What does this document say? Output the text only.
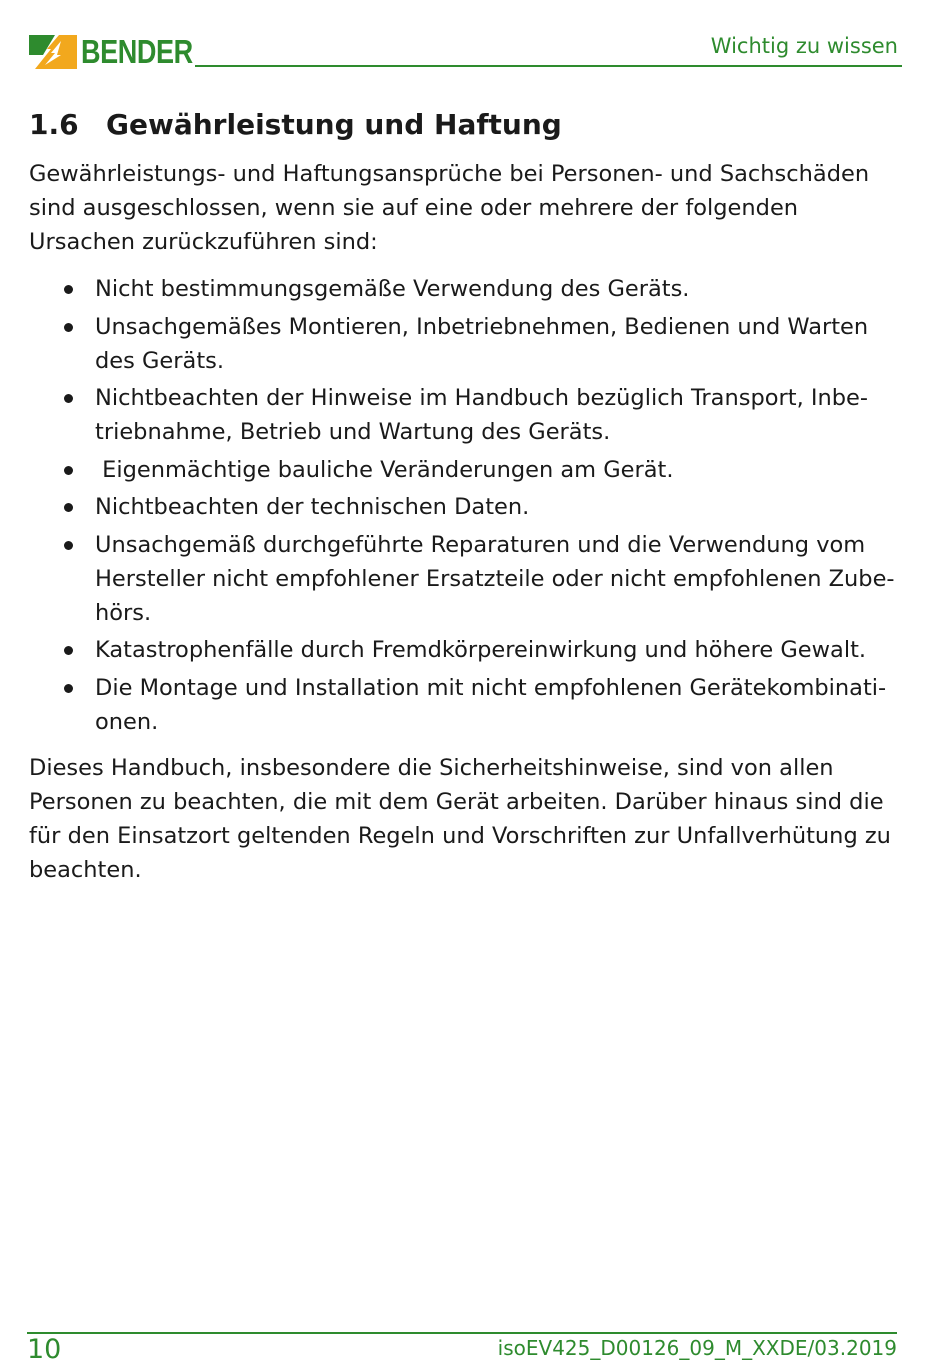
BENDER	Wichtig zu wissen
1.6 Gewährleistung und Haftung

Gewährleistungs- und Haftungsansprüche bei Personen- und Sachschäden sind ausgeschlossen, wenn sie auf eine oder mehrere der folgenden Ursachen zurückzuführen sind:

Nicht bestimmungsgemäße Verwendung des Geräts.
Unsachgemäßes Montieren, Inbetriebnehmen, Bedienen und Warten des Geräts.
Nichtbeachten der Hinweise im Handbuch bezüglich Transport, Inbe-triebnahme, Betrieb und Wartung des Geräts.
Eigenmächtige bauliche Veränderungen am Gerät.
Nichtbeachten der technischen Daten.
Unsachgemäß durchgeführte Reparaturen und die Verwendung vom Hersteller nicht empfohlener Ersatzteile oder nicht empfohlenen Zube-hörs.
Katastrophenfälle durch Fremdkörpereinwirkung und höhere Gewalt.
Die Montage und Installation mit nicht empfohlenen Gerätekombinati-onen.

Dieses Handbuch, insbesondere die Sicherheitshinweise, sind von allen Personen zu beachten, die mit dem Gerät arbeiten. Darüber hinaus sind die für den Einsatzort geltenden Regeln und Vorschriften zur Unfallverhütung zu beachten.

10	isoEV425_D00126_09_M_XXDE/03.2019
